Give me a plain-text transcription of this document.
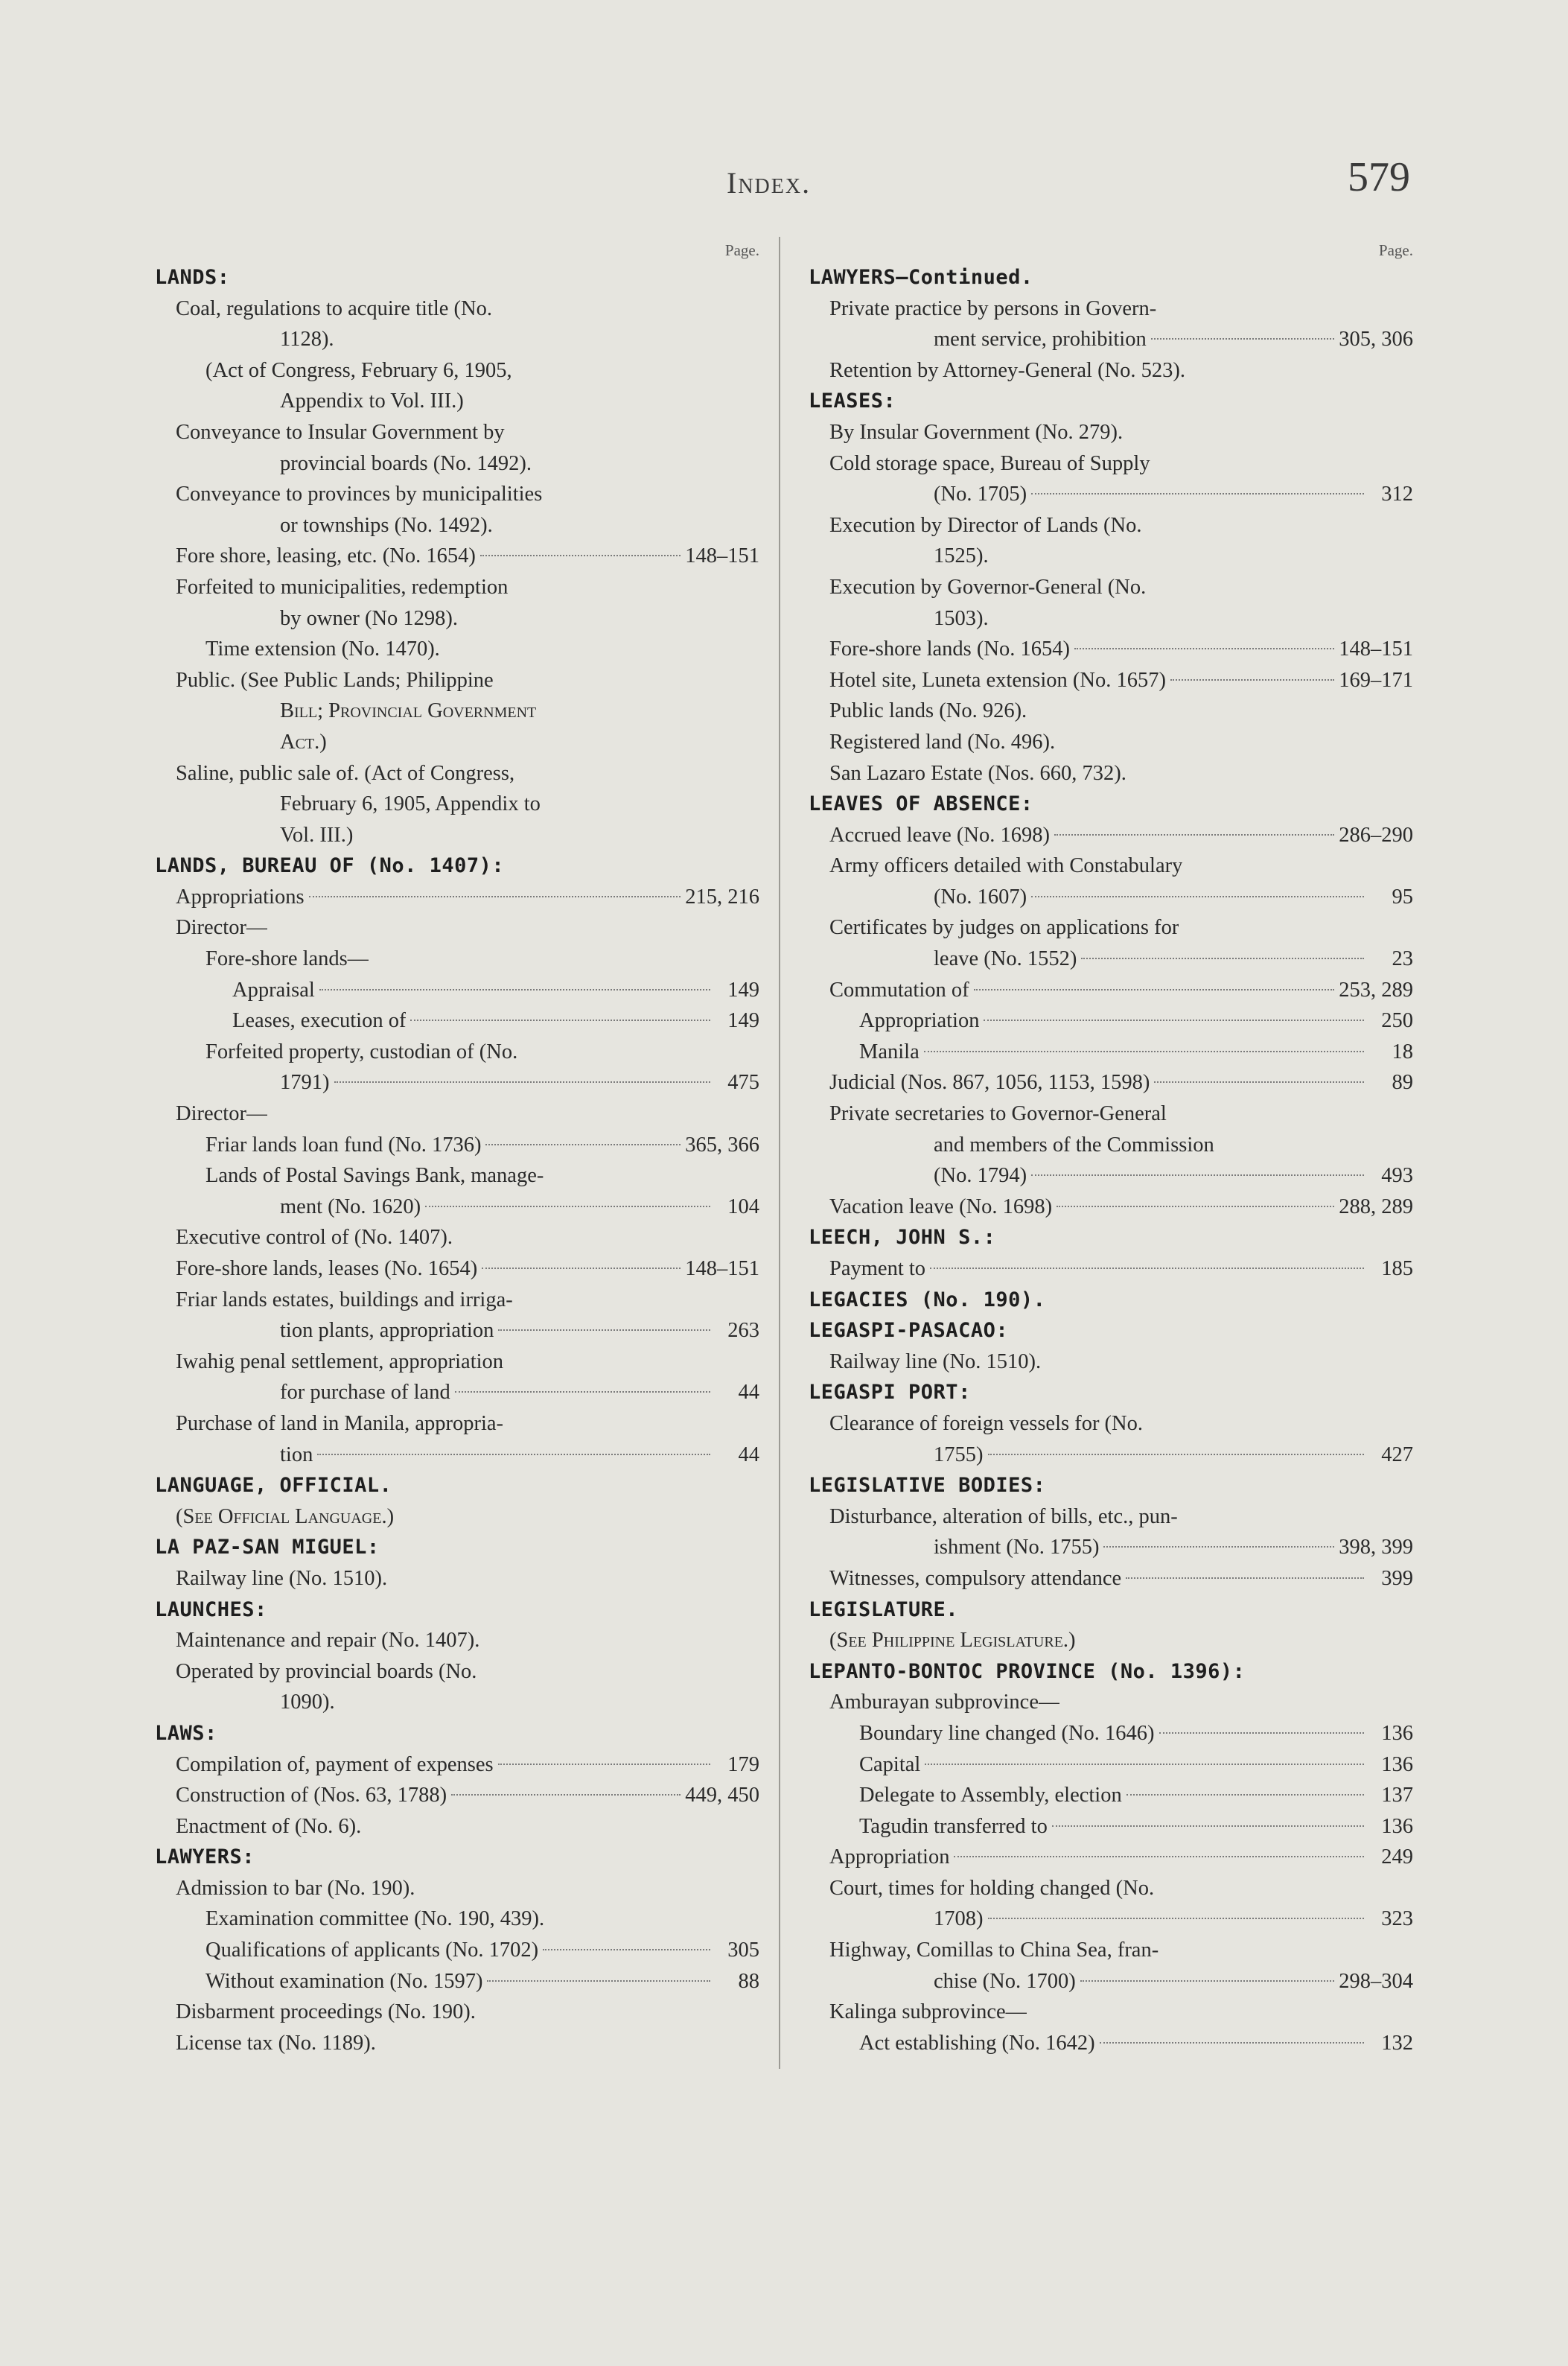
Index.	579
Page.
LANDS:
Coal, regulations to acquire title (No.
1128).
(Act of Congress, February 6, 1905,
Appendix to Vol. III.)
Conveyance to Insular Government by
provincial boards (No. 1492).
Conveyance to provinces by municipalities
or townships (No. 1492).
Fore shore, leasing, etc. (No. 1654)	148–151
Forfeited to municipalities, redemption
by owner (No 1298).
Time extension (No. 1470).
Public. (See Public Lands; Philippine
Bill; Provincial Government
Act.)
Saline, public sale of. (Act of Congress,
February 6, 1905, Appendix to
Vol. III.)
LANDS, BUREAU OF (No. 1407):
Appropriations	215, 216
Director—
Fore-shore lands—
Appraisal	149
Leases, execution of	149
Forfeited property, custodian of (No.
1791)	475
Director—
Friar lands loan fund (No. 1736)	365, 366
Lands of Postal Savings Bank, manage-
ment (No. 1620)	104
Executive control of (No. 1407).
Fore-shore lands, leases (No. 1654)	148–151
Friar lands estates, buildings and irriga-
tion plants, appropriation	263
Iwahig penal settlement, appropriation
for purchase of land	44
Purchase of land in Manila, appropria-
tion	44
LANGUAGE, OFFICIAL.
(See Official Language.)
LA PAZ-SAN MIGUEL:
Railway line (No. 1510).
LAUNCHES:
Maintenance and repair (No. 1407).
Operated by provincial boards (No.
1090).
LAWS:
Compilation of, payment of expenses	179
Construction of (Nos. 63, 1788)	449, 450
Enactment of (No. 6).
LAWYERS:
Admission to bar (No. 190).
Examination committee (No. 190, 439).
Qualifications of applicants (No. 1702)	305
Without examination (No. 1597)	88
Disbarment proceedings (No. 190).
License tax (No. 1189).
Page.
LAWYERS—Continued.
Private practice by persons in Govern-
ment service, prohibition	305, 306
Retention by Attorney-General (No. 523).
LEASES:
By Insular Government (No. 279).
Cold storage space, Bureau of Supply
(No. 1705)	312
Execution by Director of Lands (No.
1525).
Execution by Governor-General (No.
1503).
Fore-shore lands (No. 1654)	148–151
Hotel site, Luneta extension (No. 1657)	169–171
Public lands (No. 926).
Registered land (No. 496).
San Lazaro Estate (Nos. 660, 732).
LEAVES OF ABSENCE:
Accrued leave (No. 1698)	286–290
Army officers detailed with Constabulary
(No. 1607)	95
Certificates by judges on applications for
leave (No. 1552)	23
Commutation of	253, 289
Appropriation	250
Manila	18
Judicial (Nos. 867, 1056, 1153, 1598)	89
Private secretaries to Governor-General
and members of the Commission
(No. 1794)	493
Vacation leave (No. 1698)	288, 289
LEECH, JOHN S.:
Payment to	185
LEGACIES (No. 190).
LEGASPI-PASACAO:
Railway line (No. 1510).
LEGASPI PORT:
Clearance of foreign vessels for (No.
1755)	427
LEGISLATIVE BODIES:
Disturbance, alteration of bills, etc., pun-
ishment (No. 1755)	398, 399
Witnesses, compulsory attendance	399
LEGISLATURE.
(See Philippine Legislature.)
LEPANTO-BONTOC PROVINCE (No. 1396):
Amburayan subprovince—
Boundary line changed (No. 1646)	136
Capital	136
Delegate to Assembly, election	137
Tagudin transferred to	136
Appropriation	249
Court, times for holding changed (No.
1708)	323
Highway, Comillas to China Sea, fran-
chise (No. 1700)	298–304
Kalinga subprovince—
Act establishing (No. 1642)	132
